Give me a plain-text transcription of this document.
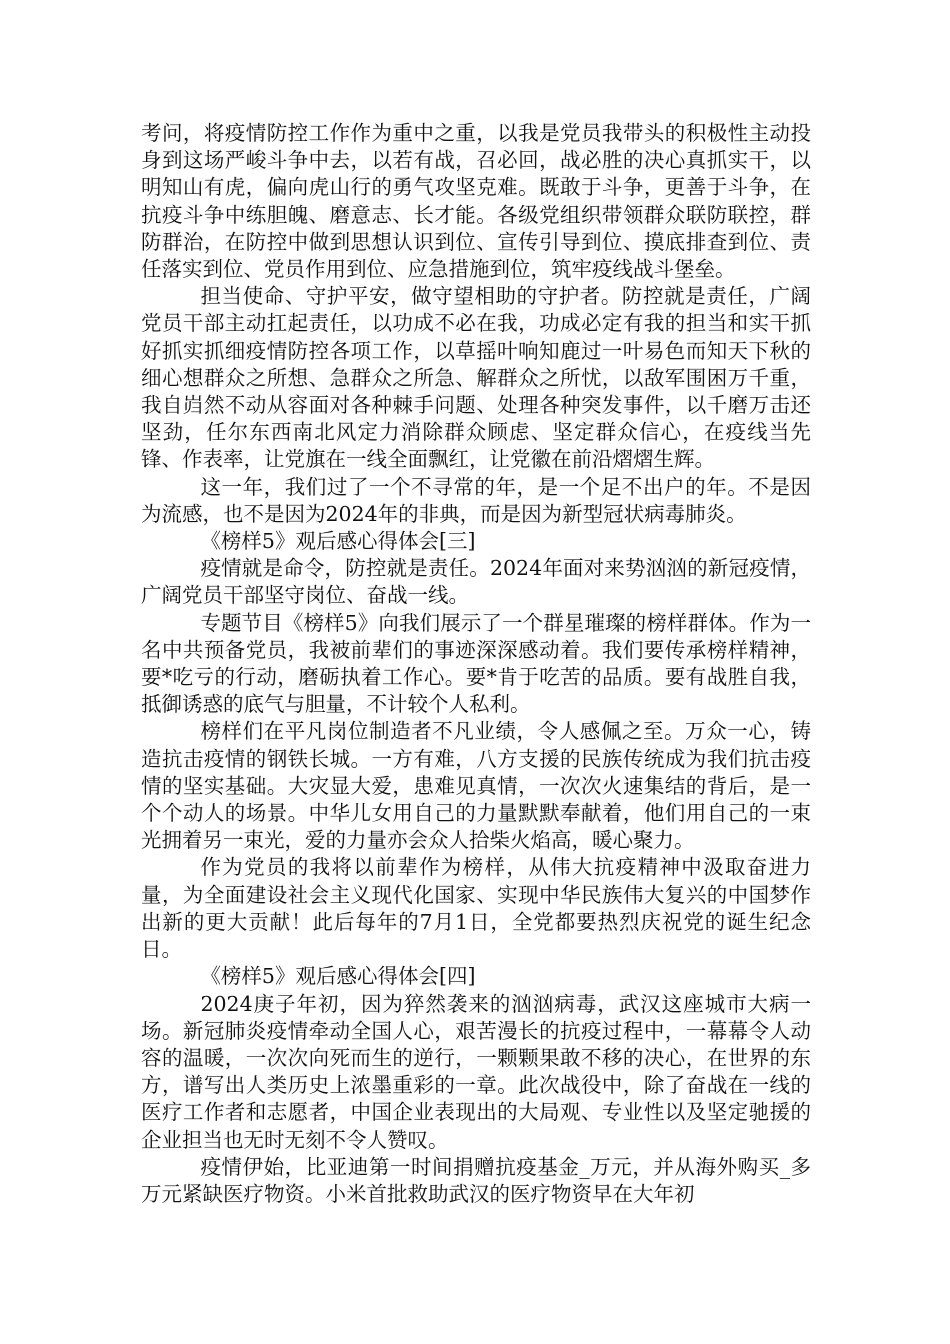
考问，将疫情防控工作作为重中之重，以我是党员我带头的积极性主动投身到这场严峻斗争中去，以若有战，召必回，战必胜的决心真抓实干，以明知山有虎，偏向虎山行的勇气攻坚克难。既敢于斗争，更善于斗争，在抗疫斗争中练胆魄、磨意志、长才能。各级党组织带领群众联防联控，群防群治，在防控中做到思想认识到位、宣传引导到位、摸底排查到位、责任落实到位、党员作用到位、应急措施到位，筑牢疫线战斗堡垒。

担当使命、守护平安，做守望相助的守护者。防控就是责任，广阔党员干部主动扛起责任，以功成不必在我，功成必定有我的担当和实干抓好抓实抓细疫情防控各项工作，以草摇叶响知鹿过一叶易色而知天下秋的细心想群众之所想、急群众之所急、解群众之所忧，以敌军围困万千重，我自岿然不动从容面对各种棘手问题、处理各种突发事件，以千磨万击还坚劲，任尔东西南北风定力消除群众顾虑、坚定群众信心，在疫线当先锋、作表率，让党旗在一线全面飘红，让党徽在前沿熠熠生辉。

这一年，我们过了一个不寻常的年，是一个足不出户的年。不是因为流感，也不是因为2024年的非典，而是因为新型冠状病毒肺炎。

《榜样5》观后感心得体会[三]

疫情就是命令，防控就是责任。2024年面对来势汹汹的新冠疫情，广阔党员干部坚守岗位、奋战一线。

专题节目《榜样5》向我们展示了一个群星璀璨的榜样群体。作为一名中共预备党员，我被前辈们的事迹深深感动着。我们要传承榜样精神，要*吃亏的行动，磨砺执着工作心。要*肯于吃苦的品质。要有战胜自我，抵御诱惑的底气与胆量，不计较个人私利。

榜样们在平凡岗位制造者不凡业绩，令人感佩之至。万众一心，铸造抗击疫情的钢铁长城。一方有难，八方支援的民族传统成为我们抗击疫情的坚实基础。大灾显大爱，患难见真情，一次次火速集结的背后，是一个个动人的场景。中华儿女用自己的力量默默奉献着，他们用自己的一束光拥着另一束光，爱的力量亦会众人拾柴火焰高，暖心聚力。

作为党员的我将以前辈作为榜样，从伟大抗疫精神中汲取奋进力量，为全面建设社会主义现代化国家、实现中华民族伟大复兴的中国梦作出新的更大贡献！此后每年的7月1日，全党都要热烈庆祝党的诞生纪念日。

《榜样5》观后感心得体会[四]

2024庚子年初，因为猝然袭来的汹汹病毒，武汉这座城市大病一场。新冠肺炎疫情牵动全国人心，艰苦漫长的抗疫过程中，一幕幕令人动容的温暖，一次次向死而生的逆行，一颗颗果敢不移的决心，在世界的东方，谱写出人类历史上浓墨重彩的一章。此次战役中，除了奋战在一线的医疗工作者和志愿者，中国企业表现出的大局观、专业性以及坚定驰援的企业担当也无时无刻不令人赞叹。

疫情伊始，比亚迪第一时间捐赠抗疫基金_万元，并从海外购买_多万元紧缺医疗物资。小米首批救助武汉的医疗物资早在大年初
